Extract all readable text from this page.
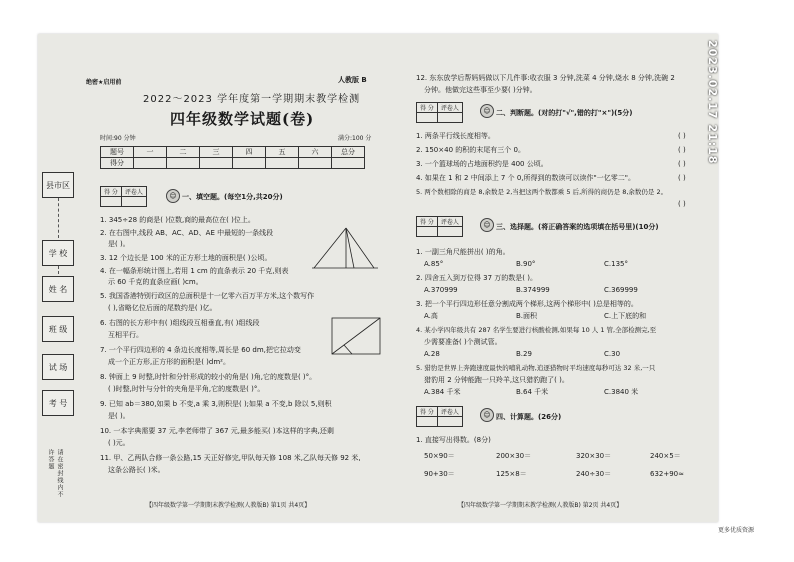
县市区
学 校
姓 名
班 级
试 场
考 号
请在密封线内不许答题
绝密★启用前	人教版 B
2022～2023 学年度第一学期期末教学检测
四年级数学试题(卷)
时间:90 分钟	满分:100 分
题号	一	二	三	四	五	六	总分
得分							
得 分	评卷人
		☺ 一、填空题。(每空1分,共20分)
1. 345÷28 的商是( )位数,商的最高位在( )位上。
2. 在右图中,线段 AB、AC、AD、AE 中最短的一条线段
是( )。
3. 12 个边长是 100 米的正方形土地的面积是( )公顷。
4. 在一幅条形统计图上,若用 1 cm 的直条表示 20 千克,则表
示 60 千克的直条应画( )cm。
5. 我国香港特别行政区的总面积是十一亿零六百万平方米,这个数写作
( ),省略亿位后面的尾数约是( )亿。
6. 右图的长方形中有( )组线段互相垂直,有( )组线段
互相平行。
7. 一个平行四边形的 4 条边长度相等,周长是 60 dm,把它拉动变
成一个正方形,正方形的面积是( )dm²。
8. 钟面上 9 时整,时针和分针形成的较小的角是( )角,它的度数是( )°。
( )时整,时针与分针的夹角是平角,它的度数是( )°。
9. 已知 ab＝380,如果 b 不变,a 乘 3,则积是( );如果 a 不变,b 除以 5,则积
是( )。
10. 一本字典需要 37 元,李老师带了 367 元,最多能买( )本这样的字典,还剩
( )元。
11. 甲、乙两队合修一条公路,15 天正好修完,甲队每天修 108 米,乙队每天修 92 米,
这条公路长( )米。
【四年级数学第一学期期末教学检测(人教版B) 第1页 共4页】
12. 东东放学后帮妈妈做以下几件事:收衣服 3 分钟,洗菜 4 分钟,烧水 8 分钟,洗碗 2
分钟。他做完这些事至少要( )分钟。
得 分	评卷人
		☺ 二、判断题。(对的打"√",错的打"×")(5分)
1. 两条平行线长度相等。	( )
2. 150×40 的积的末尾有三个 0。	( )
3. 一个篮球场的占地面积约是 400 公顷。	( )
4. 如果在 1 和 2 中间添上 7 个 0,所得到的数读可以读作"一亿零二"。	( )
5. 两个数相除的商是 8,余数是 2,当把这两个数都乘 5 后,所得的商仍是 8,余数仍是 2。
( )
得 分	评卷人
		☺ 三、选择题。(将正确答案的选项填在括号里)(10分)
1. 一副三角尺能拼出( )的角。
A.85°	B.90°	C.135°
2. 四舍五入到万位得 37 万的数是( )。
A.370999	B.374999	C.369999
3. 把一个平行四边形任意分割成两个梯形,这两个梯形中( )总是相等的。
A.高	B.面积	C.上下底的和
4. 某小学四年级共有 287 名学生要进行核酸检测,如果每 10 人 1 管,全部检测完,至
少需要准备( )个测试管。
A.28	B.29	C.30
5. 猎豹是世界上奔跑速度最快的哺乳动物,追逐猎物时平均速度每秒可达 32 米,一只
猎豹用 2 分钟能跑一只羚羊,这只猎豹跑了( )。
A.384 千米	B.64 千米	C.3840 米
得 分	评卷人
		☺ 四、计算题。(26分)
1. 直接写出得数。(8分)
50×90＝	200×30＝	320×30＝	240×5＝
90+30＝	125×8＝	240÷30＝	632+90≈
【四年级数学第一学期期末教学检测(人教版B) 第2页 共4页】
2023.02.17 21:18
更多优质资源
